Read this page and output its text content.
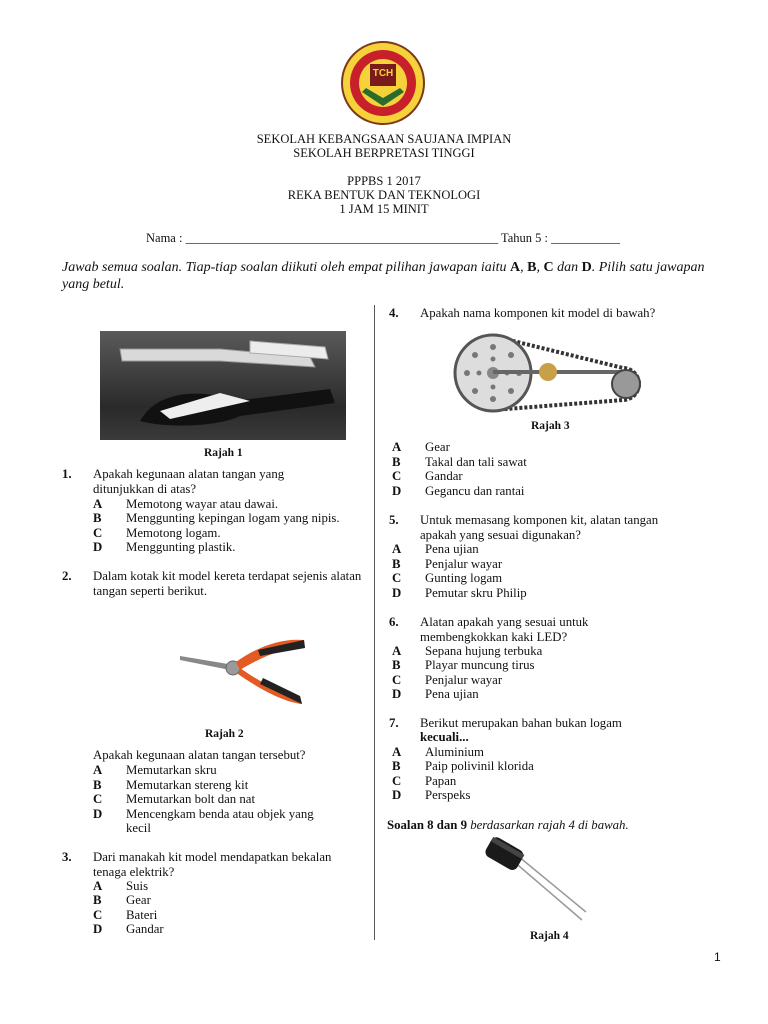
TCH
SEKOLAH KEBANGSAAN SAUJANA IMPIAN
SEKOLAH BERPRETASI TINGGI
PPPBS 1 2017
REKA BENTUK DAN TEKNOLOGI
1 JAM 15 MINIT
Nama : __________________________________________________ Tahun 5 : ___________
Jawab semua soalan. Tiap-tiap soalan diikuti oleh empat pilihan jawapan iaitu A, B, C dan D. Pilih satu jawapan yang betul.
Rajah 1
1. Apakah kegunaan alatan tangan yang ditunjukkan di atas?
A Memotong wayar atau dawai.
B Menggunting kepingan logam yang nipis.
C Memotong logam.
D Menggunting plastik.
2. Dalam kotak kit model kereta terdapat sejenis alatan tangan seperti berikut.
Rajah 2
Apakah kegunaan alatan tangan tersebut?
A Memutarkan skru
B Memutarkan stereng kit
C Memutarkan bolt dan nat
D Mencengkam benda atau objek yang
kecil
3. Dari manakah kit model mendapatkan bekalan tenaga elektrik?
A Suis
B Gear
C Bateri
D Gandar
4. Apakah nama komponen kit model di bawah?
Rajah 3
A Gear
B Takal dan tali sawat
C Gandar
D Gegancu dan rantai
5. Untuk memasang komponen kit, alatan tangan apakah yang sesuai digunakan?
A Pena ujian
B Penjalur wayar
C Gunting logam
D Pemutar skru Philip
6. Alatan apakah yang sesuai untuk membengkokkan kaki LED?
A Sepana hujung terbuka
B Playar muncung tirus
C Penjalur wayar
D Pena ujian
7. Berikut merupakan bahan bukan logam
kecuali...
A Aluminium
B Paip polivinil klorida
C Papan
D Perspeks
Soalan 8 dan 9 berdasarkan rajah 4 di bawah.
Rajah 4
1
